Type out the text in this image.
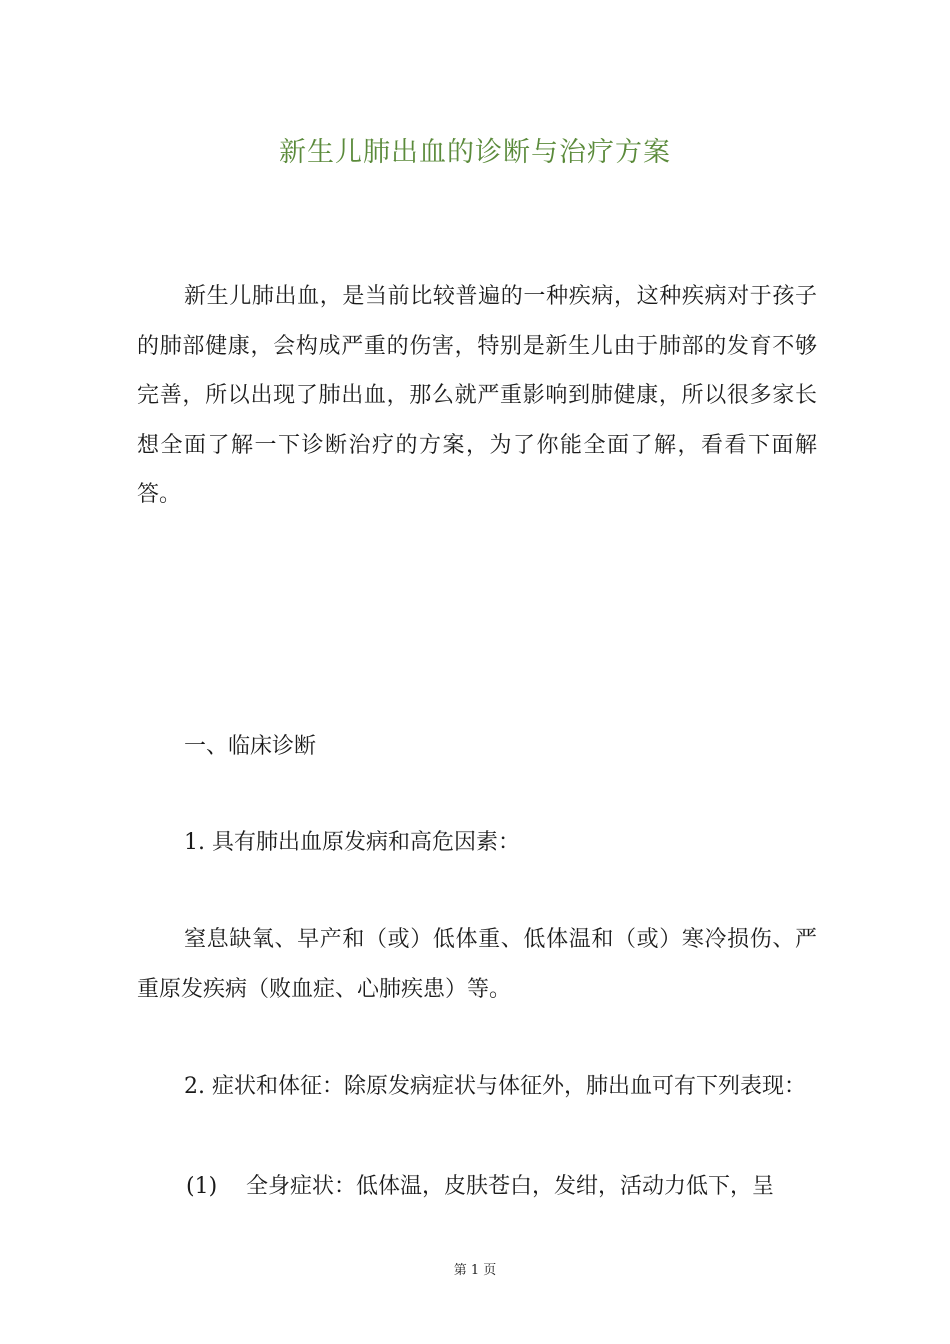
新生儿肺出血的诊断与治疗方案

新生儿肺出血，是当前比较普遍的一种疾病，这种疾病对于孩子的肺部健康，会构成严重的伤害，特别是新生儿由于肺部的发育不够完善，所以出现了肺出血，那么就严重影响到肺健康，所以很多家长想全面了解一下诊断治疗的方案，为了你能全面了解，看看下面解答。

一、临床诊断

1. 具有肺出血原发病和高危因素：

窒息缺氧、早产和（或）低体重、低体温和（或）寒冷损伤、严重原发疾病（败血症、心肺疾患）等。

2. 症状和体征：除原发病症状与体征外，肺出血可有下列表现：

(1) 全身症状：低体温，皮肤苍白，发绀，活动力低下，呈

第 1 页
